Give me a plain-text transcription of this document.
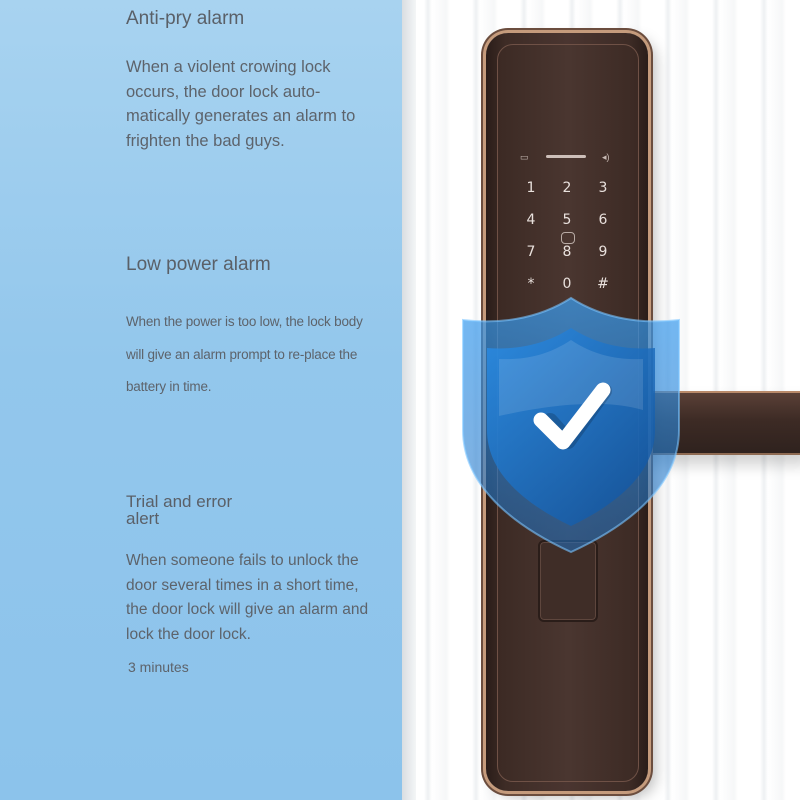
Anti-pry alarm

When a violent crowing lock occurs, the door lock auto-matically generates an alarm to frighten the bad guys.

Low power alarm

When the power is too low, the lock body will give an alarm prompt to re-place the battery in time.

Trial and error alert

When someone fails to unlock the door several times in a short time, the door lock will give an alarm and lock the door lock.

3 minutes
▭	◂)
1	2	3
4	5	6
7	8	9
*	0	#
